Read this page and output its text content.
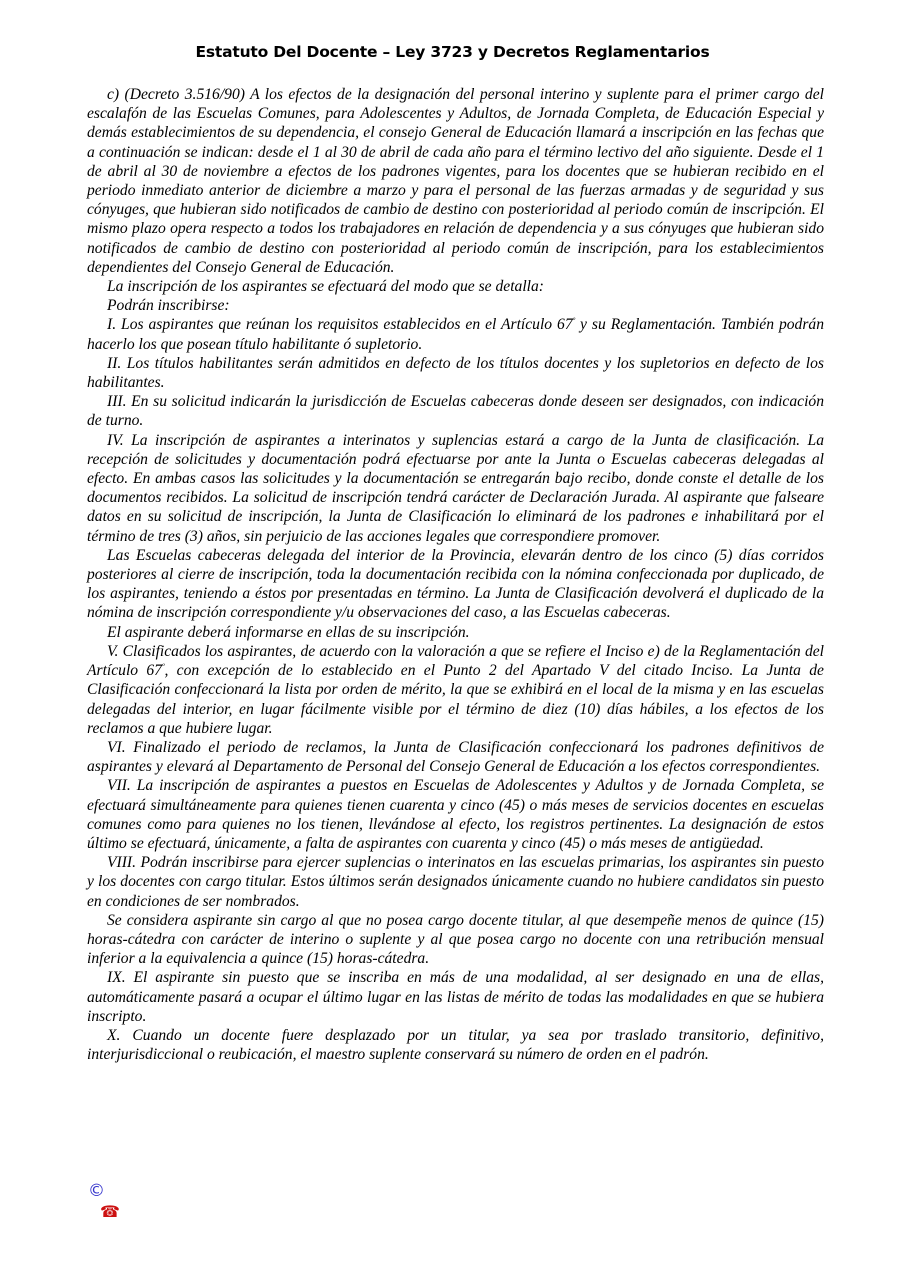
Estatuto Del Docente – Ley 3723 y Decretos Reglamentarios

c) (Decreto 3.516/90) A los efectos de la designación del personal interino y suplente para el primer cargo del escalafón de las Escuelas Comunes, para Adolescentes y Adultos, de Jornada Completa, de Educación Especial y demás establecimientos de su dependencia, el consejo General de Educación llamará a inscripción en las fechas que a continuación se indican: desde el 1 al 30 de abril de cada año para el término lectivo del año siguiente. Desde el 1 de abril al 30 de noviembre a efectos de los padrones vigentes, para los docentes que se hubieran recibido en el periodo inmediato anterior de diciembre a marzo y para el personal de las fuerzas armadas y de seguridad y sus cónyuges, que hubieran sido notificados de cambio de destino con posterioridad al periodo común de inscripción. El mismo plazo opera respecto a todos los trabajadores en relación de dependencia y a sus cónyuges que hubieran sido notificados de cambio de destino con posterioridad al periodo común de inscripción, para los establecimientos dependientes del Consejo General de Educación.

La inscripción de los aspirantes se efectuará del modo que se detalla:

Podrán inscribirse:

I. Los aspirantes que reúnan los requisitos establecidos en el Artículo $67^º$ y su Reglamentación. También podrán hacerlo los que posean título habilitante ó supletorio.

II. Los títulos habilitantes serán admitidos en defecto de los títulos docentes y los supletorios en defecto de los habilitantes.

III. En su solicitud indicarán la jurisdicción de Escuelas cabeceras donde deseen ser designados, con indicación de turno.

IV. La inscripción de aspirantes a interinatos y suplencias estará a cargo de la Junta de clasificación. La recepción de solicitudes y documentación podrá efectuarse por ante la Junta o Escuelas cabeceras delegadas al efecto. En ambas casos las solicitudes y la documentación se entregarán bajo recibo, donde conste el detalle de los documentos recibidos. La solicitud de inscripción tendrá carácter de Declaración Jurada. Al aspirante que falseare datos en su solicitud de inscripción, la Junta de Clasificación lo eliminará de los padrones e inhabilitará por el término de tres (3) años, sin perjuicio de las acciones legales que correspondiere promover.

Las Escuelas cabeceras delegada del interior de la Provincia, elevarán dentro de los cinco (5) días corridos posteriores al cierre de inscripción, toda la documentación recibida con la nómina confeccionada por duplicado, de los aspirantes, teniendo a éstos por presentadas en término. La Junta de Clasificación devolverá el duplicado de la nómina de inscripción correspondiente y/u observaciones del caso, a las Escuelas cabeceras.

El aspirante deberá informarse en ellas de su inscripción.

V. Clasificados los aspirantes, de acuerdo con la valoración a que se refiere el Inciso e) de la Reglamentación del Artículo $67^º$, con excepción de lo establecido en el Punto 2 del Apartado V del citado Inciso. La Junta de Clasificación confeccionará la lista por orden de mérito, la que se exhibirá en el local de la misma y en las escuelas delegadas del interior, en lugar fácilmente visible por el término de diez (10) días hábiles, a los efectos de los reclamos a que hubiere lugar.

VI. Finalizado el periodo de reclamos, la Junta de Clasificación confeccionará los padrones definitivos de aspirantes y elevará al Departamento de Personal del Consejo General de Educación a los efectos correspondientes.

VII. La inscripción de aspirantes a puestos en Escuelas de Adolescentes y Adultos y de Jornada Completa, se efectuará simultáneamente para quienes tienen cuarenta y cinco (45) o más meses de servicios docentes en escuelas comunes como para quienes no los tienen, llevándose al efecto, los registros pertinentes. La designación de estos último se efectuará, únicamente, a falta de aspirantes con cuarenta y cinco (45) o más meses de antigüedad.

VIII. Podrán inscribirse para ejercer suplencias o interinatos en las escuelas primarias, los aspirantes sin puesto y los docentes con cargo titular. Estos últimos serán designados únicamente cuando no hubiere candidatos sin puesto en condiciones de ser nombrados.

Se considera aspirante sin cargo al que no posea cargo docente titular, al que desempeñe menos de quince (15) horas-cátedra con carácter de interino o suplente y al que posea cargo no docente con una retribución mensual inferior a la equivalencia a quince (15) horas-cátedra.

IX. El aspirante sin puesto que se inscriba en más de una modalidad, al ser designado en una de ellas, automáticamente pasará a ocupar el último lugar en las listas de mérito de todas las modalidades en que se hubiera inscripto.

X. Cuando un docente fuere desplazado por un titular, ya sea por traslado transitorio, definitivo, interjurisdiccional o reubicación, el maestro suplente conservará su número de orden en el padrón.

©
☎
